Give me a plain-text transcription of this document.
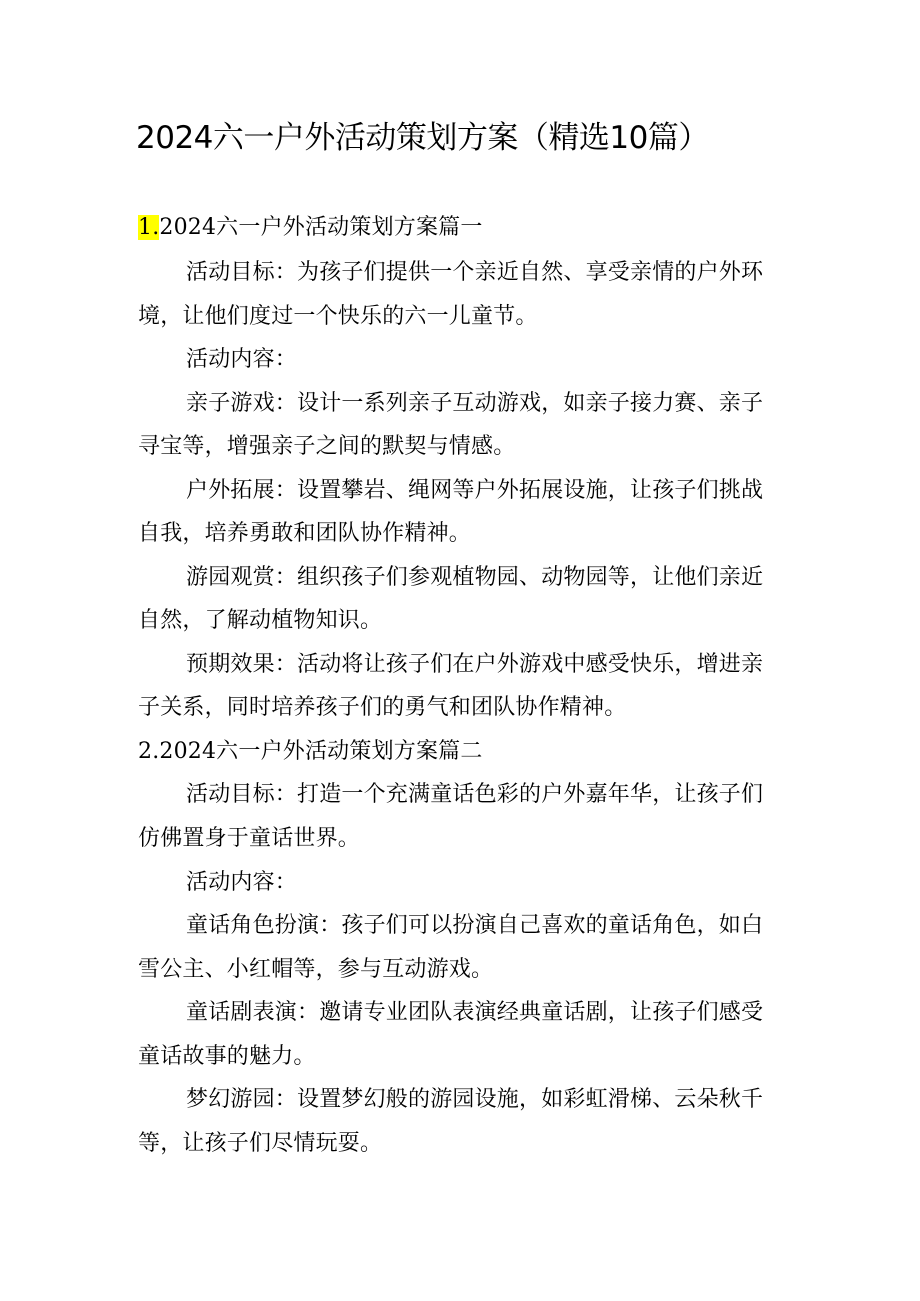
2024六一户外活动策划方案（精选10篇）
1.2024六一户外活动策划方案篇一
活动目标：为孩子们提供一个亲近自然、享受亲情的户外环
境，让他们度过一个快乐的六一儿童节。
活动内容：
亲子游戏：设计一系列亲子互动游戏，如亲子接力赛、亲子
寻宝等，增强亲子之间的默契与情感。
户外拓展：设置攀岩、绳网等户外拓展设施，让孩子们挑战
自我，培养勇敢和团队协作精神。
游园观赏：组织孩子们参观植物园、动物园等，让他们亲近
自然，了解动植物知识。
预期效果：活动将让孩子们在户外游戏中感受快乐，增进亲
子关系，同时培养孩子们的勇气和团队协作精神。
2.2024六一户外活动策划方案篇二
活动目标：打造一个充满童话色彩的户外嘉年华，让孩子们
仿佛置身于童话世界。
活动内容：
童话角色扮演：孩子们可以扮演自己喜欢的童话角色，如白
雪公主、小红帽等，参与互动游戏。
童话剧表演：邀请专业团队表演经典童话剧，让孩子们感受
童话故事的魅力。
梦幻游园：设置梦幻般的游园设施，如彩虹滑梯、云朵秋千
等，让孩子们尽情玩耍。
